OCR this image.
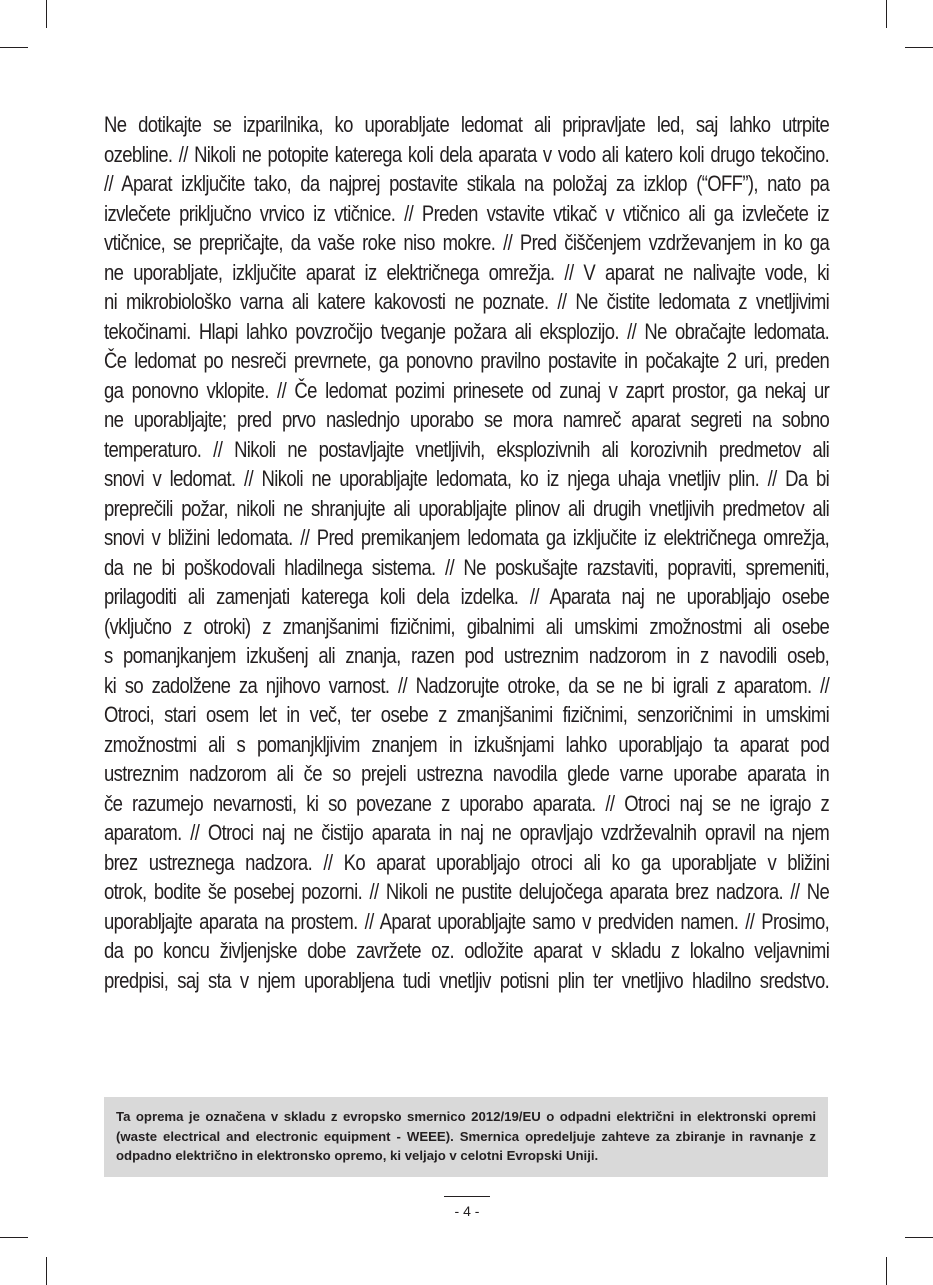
Ne dotikajte se izparilnika, ko uporabljate ledomat ali pripravljate led, saj lahko utrpite
ozebline. // Nikoli ne potopite katerega koli dela aparata v vodo ali katero koli drugo tekočino.
// Aparat izključite tako, da najprej postavite stikala na položaj za izklop (“OFF”), nato pa
izvlečete priključno vrvico iz vtičnice. // Preden vstavite vtikač v vtičnico ali ga izvlečete iz
vtičnice, se prepričajte, da vaše roke niso mokre. // Pred čiščenjem vzdrževanjem in ko ga
ne uporabljate, izključite aparat iz električnega omrežja. // V aparat ne nalivajte vode, ki
ni mikrobiološko varna ali katere kakovosti ne poznate. // Ne čistite ledomata z vnetljivimi
tekočinami. Hlapi lahko povzročijo tveganje požara ali eksplozijo. // Ne obračajte ledomata.
Če ledomat po nesreči prevrnete, ga ponovno pravilno postavite in počakajte 2 uri, preden
ga ponovno vklopite. // Če ledomat pozimi prinesete od zunaj v zaprt prostor, ga nekaj ur
ne uporabljajte; pred prvo naslednjo uporabo se mora namreč aparat segreti na sobno
temperaturo. // Nikoli ne postavljajte vnetljivih, eksplozivnih ali korozivnih predmetov ali
snovi v ledomat. // Nikoli ne uporabljajte ledomata, ko iz njega uhaja vnetljiv plin. // Da bi
preprečili požar, nikoli ne shranjujte ali uporabljajte plinov ali drugih vnetljivih predmetov ali
snovi v bližini ledomata. // Pred premikanjem ledomata ga izključite iz električnega omrežja,
da ne bi poškodovali hladilnega sistema. // Ne poskušajte razstaviti, popraviti, spremeniti,
prilagoditi ali zamenjati katerega koli dela izdelka. // Aparata naj ne uporabljajo osebe
(vključno z otroki) z zmanjšanimi fizičnimi, gibalnimi ali umskimi zmožnostmi ali osebe
s pomanjkanjem izkušenj ali znanja, razen pod ustreznim nadzorom in z navodili oseb,
ki so zadolžene za njihovo varnost. // Nadzorujte otroke, da se ne bi igrali z aparatom. //
Otroci, stari osem let in več, ter osebe z zmanjšanimi fizičnimi, senzoričnimi in umskimi
zmožnostmi ali s pomanjkljivim znanjem in izkušnjami lahko uporabljajo ta aparat pod
ustreznim nadzorom ali če so prejeli ustrezna navodila glede varne uporabe aparata in
če razumejo nevarnosti, ki so povezane z uporabo aparata. // Otroci naj se ne igrajo z
aparatom. // Otroci naj ne čistijo aparata in naj ne opravljajo vzdrževalnih opravil na njem
brez ustreznega nadzora. // Ko aparat uporabljajo otroci ali ko ga uporabljate v bližini
otrok, bodite še posebej pozorni. // Nikoli ne pustite delujočega aparata brez nadzora. // Ne
uporabljajte aparata na prostem. // Aparat uporabljajte samo v predviden namen. // Prosimo,
da po koncu življenjske dobe zavržete oz. odložite aparat v skladu z lokalno veljavnimi
predpisi, saj sta v njem uporabljena tudi vnetljiv potisni plin ter vnetljivo hladilno sredstvo.

Ta oprema je označena v skladu z evropsko smernico 2012/19/EU o odpadni električni in elektronski opremi (waste electrical and electronic equipment - WEEE). Smernica opredeljuje zahteve za zbiranje in ravnanje z odpadno električno in elektronsko opremo, ki veljajo v celotni Evropski Uniji.

- 4 -
